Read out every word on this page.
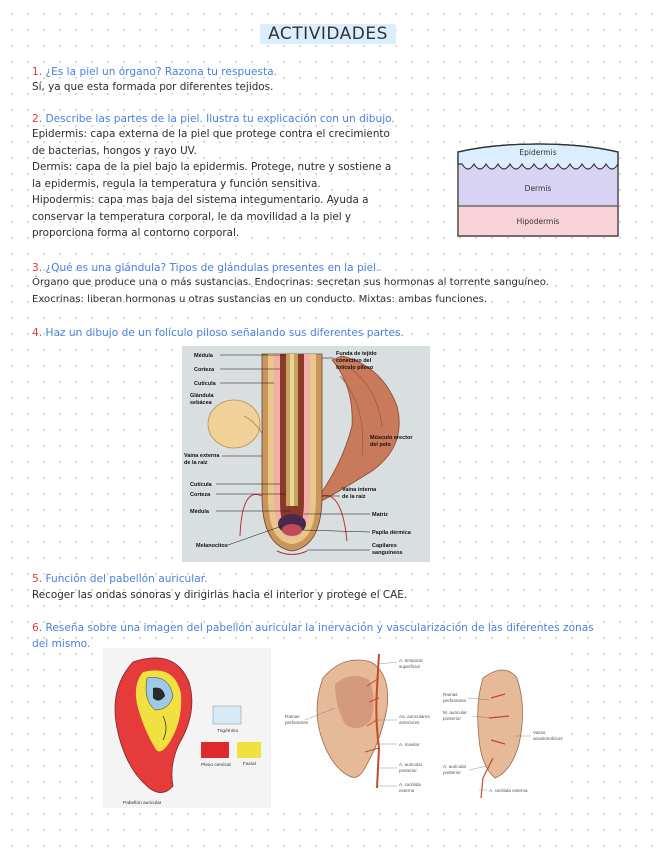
ACTIVIDADES
1. ¿Es la piel un órgano? Razona tu respuesta.
Sí, ya que esta formada por diferentes tejidos.
2. Describe las partes de la piel. Ilustra tu explicación con un dibujo.
Epidermis: capa externa de la piel que protege contra el crecimiento
de bacterias, hongos y rayo UV.
Dermis: capa de la piel bajo la epidermis. Protege, nutre y sostiene a
la epidermis, regula la temperatura y función sensitiva.
Hipodermis: capa mas baja del sistema integumentario. Ayuda a
conservar la temperatura corporal, le da movilidad a la piel y
proporciona forma al contorno corporal.
Epidermis
Dermis
Hipodermis
3. ¿Qué es una glándula? Tipos de glándulas presentes en la piel.
Órgano que produce una o más sustancias. Endocrinas: secretan sus hormonas al torrente sanguíneo.
Exocrinas: liberan hormonas u otras sustancias en un conducto. Mixtas: ambas funciones.
4. Haz un dibujo de un folículo piloso señalando sus diferentes partes.
Médula
Corteza
Cutícula
Glándula
sebácea
Vaina externa
de la raíz
Cutícula
Corteza
Médula
Melanocitos
Funda de tejido
conectivo del
folículo piloso
Músculo erector
del pelo
Vaina interna
de la raíz
Matriz
Papila dérmica
Capilares
sanguíneos
5. Función del pabellón auricular.
Recoger las ondas sonoras y dirigirlas hacia el interior y protege el CAE.
6. Reseña sobre una imagen del pabellón auricular la inervación y vascularización de las diferentes zonas
del mismo.
Trigémino
Plexo cervical	Facial
Pabellón auricular
A. temporal
superficial
Ramas
perforantes
Aa. auriculares
anteriores
A. maxilar
A. auricular
posterior
A. carótida
externa
Ramas
perforantes
M. auricular
posterior
Vasos
anastomóticos
A. auricular
posterior
A. carótida externa
